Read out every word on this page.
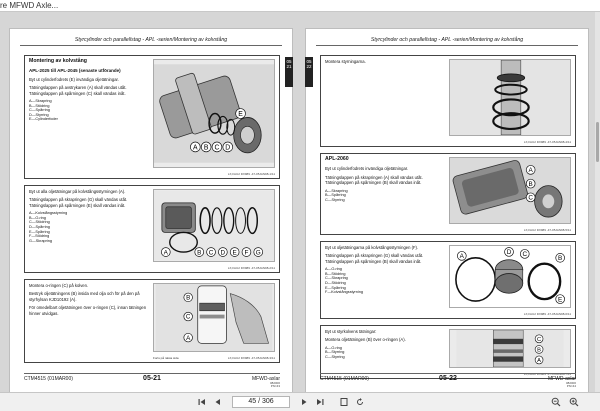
re MFWD Axle...
Styrcylinder och parallellstag - APL -serien/Montering av kolvstång
05 21
Montering av kolvstång
APL-2025 till APL-2045 (senaste utförande)

Byt ut cylinderfodrets (E) invändiga oljetätningar.

Tätningslappen på avstrykaren (A) skall vändas utåt. Tätningslappen på spårningen (C) skall vändas inåt.

A—Skrapring
B—Stödring
C—Spårring
D—Styrring
E—Cylinderfoder
A B C D
E
LX,FAU2 DX989 -47-05JAN98-1/11

Byt ut alla oljetätningar på kolvstångsstyrningen (A).

Tätningslappen på skrapringen (G) skall vändas utåt. Tätningslappen på spårningen (E) skall vändas inåt.

A—Kolvstångsstyrning
B—O-ring
C—Stödring
D—Spårring
E—Spårring
F—Stödring
G—Skrapring
A	B C D E F G
LX,FAU2 DX989 -47-05JAN98-2/11

Montera o-ringen (C) på kolven.

Bestryk oljetätningens (B) insida med olja och för på den på styrhylsan KJD10192 (A).

För omedelbart oljetätningen över o-ringen (C), innan tätningen hinner utvidgas.

B
C
A
Forts på nästa sida	LX,FAU2 DX989 -47-05JAN98-3/11
CTM4515 (01MAR00)	05-21	MFWD-axlar
082000
PN=43
Styrcylinder och parallellstag - APL -serien/Montering av kolvstång
05 22

Montera styrningarna.

LX,FAU2 DX989 -47-05JAN98-4/11
APL-2060

Byt ut cylinderfodrets invändiga oljetätningar.

Tätningslappen på skrapringen (A) skall vändas utåt. Tätningslappen på spårningen (B) skall vändas inåt.

A—Skrapring
B—Spårring
C—Styrring
A
B
C
LX,FAU2 DX989 -47-05JAN98-5/11

Byt ut oljetätningarna på kolvstångsstyrningen (F).

Tätningslappen på skrapringen (G) skall vändas utåt. Tätningslappen på spårningen (B) skall vändas inåt.

A—O-ring
B—Stödring
C—Skrapring
D—Stödring
E—Spårring
F—Kolvstångsstyrning
A
D C
B
E
LX,FAU2 DX989 -47-05JAN98-6/11

Byt ut styrkolvens tätningar:

Montera oljetätningen (B) över o-ringen (A).

A—O-ring
B—Styrring
C—Styrring
C
B
A
LX,FAU2 DX989 -47-05JAN98-7/11
CTM4515 (01MAR00)	05-22	MFWD-axlar
082000
PN=44
45 / 306
